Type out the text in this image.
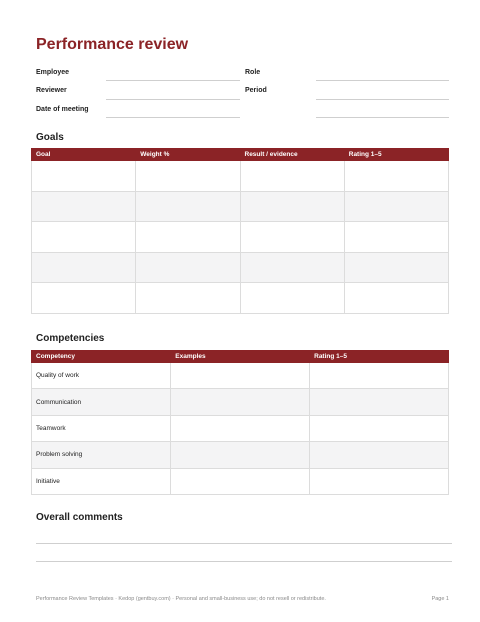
Performance review
Employee	Role
Reviewer	Period
Date of meeting
Goals
Goal	Weight %	Result / evidence	Rating 1–5

Competencies
Competency	Examples	Rating 1–5
Quality of work		
Communication		
Teamwork		
Problem solving		
Initiative		
Overall comments
Performance Review Templates · Kedop (gentbuy.com) · Personal and small-business use; do not resell or redistribute.	Page 1
